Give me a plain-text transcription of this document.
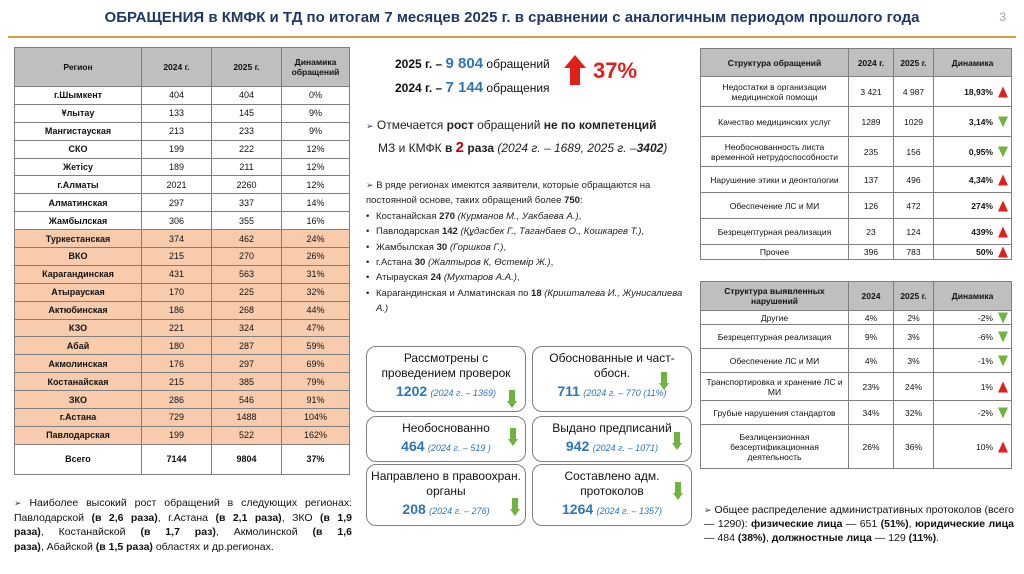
ОБРАЩЕНИЯ в КМФК и ТД по итогам 7 месяцев 2025 г. в сравнении с аналогичным периодом прошлого года	3
Регион	2024 г.	2025 г.	Динамика обращений
г.Шымкент	404	404	0%
Ұлытау	133	145	9%
Мангистауская	213	233	9%
СКО	199	222	12%
Жетісу	189	211	12%
г.Алматы	2021	2260	12%
Алматинская	297	337	14%
Жамбылская	306	355	16%
Туркестанская	374	462	24%
ВКО	215	270	26%
Карагандинская	431	563	31%
Атырауская	170	225	32%
Актюбинская	186	268	44%
КЗО	221	324	47%
Абай	180	287	59%
Акмолинская	176	297	69%
Костанайская	215	385	79%
ЗКО	286	546	91%
г.Астана	729	1488	104%
Павлодарская	199	522	162%
Всего	7144	9804	37%
2025 г. – 9 804 обращений
2024 г. – 7 144 обращения
37%
➢ Отмечается рост обращений не по компетенций
МЗ и КМФК в 2 раза (2024 г. – 1689, 2025 г. –3402)
➢ В ряде регионах имеются заявители, которые обращаются на постоянной основе, таких обращений более 750:
• Костанайская 270 (Курманов М., Уакбаева А.),
• Павлодарская 142 (Құдасбек Г., Таганбаев О., Кошкарев Т.),
• Жамбылская 30 (Горшков Г.),
• г.Астана 30 (Жалтыров К, Өстемір Ж.),
• Атырауская 24 (Мухтаров А.А.),
• Карагандинская и Алматинская по 18 (Кришталева И., Жунисалиева А.)
Рассмотрены с проведением проверок
1202 (2024 г. – 1369)
Обоснованные и част-обосн.
711 (2024 г. – 770 (11%)
Необоснованно
464 (2024 г. – 519 )
Выдано предписаний
942 (2024 г. – 1071)
Направлено в правоохран. органы
208 (2024 г. – 276)
Составлено адм. протоколов
1264 (2024 г. – 1357)
Структура обращений	2024 г.	2025 г.	Динамика
Недостатки в организации медицинской помощи	3 421	4 987	18,93%

Качество медицинских услуг	1289	1029	3,14%

Необоснованность листа временной нетрудоспособности	235	156	0,95%

Нарушение этики и деонтологии	137	496	4,34%

Обеспечение ЛС и МИ	126	472	274%

Безрецептурная реализация	23	124	439%

Прочее	396	783	50%
Структура выявленных нарушений	2024	2025 г.	Динамика
Другие	4%	2%	-2%

Безрецептурная реализация	9%	3%	-6%

Обеспечение ЛС и МИ	4%	3%	-1%

Транспортировка и хранение ЛС и МИ	23%	24%	1%

Грубые нарушения стандартов	34%	32%	-2%

Безлицензионная безсертификационная деятельность	26%	36%	10%
➢ Наиболее высокий рост обращений в следующих регионах: Павлодарской (в 2,6 раза), г.Астана (в 2,1 раза), ЗКО (в 1,9 раза), Костанайской (в 1,7 раз), Акмолинской (в 1,6 раза), Абайской (в 1,5 раза) областях и др.регионах.
➢ Общее распределение административных протоколов (всего — 1290): физические лица — 651 (51%), юридические лица — 484 (38%), должностные лица — 129 (11%).
